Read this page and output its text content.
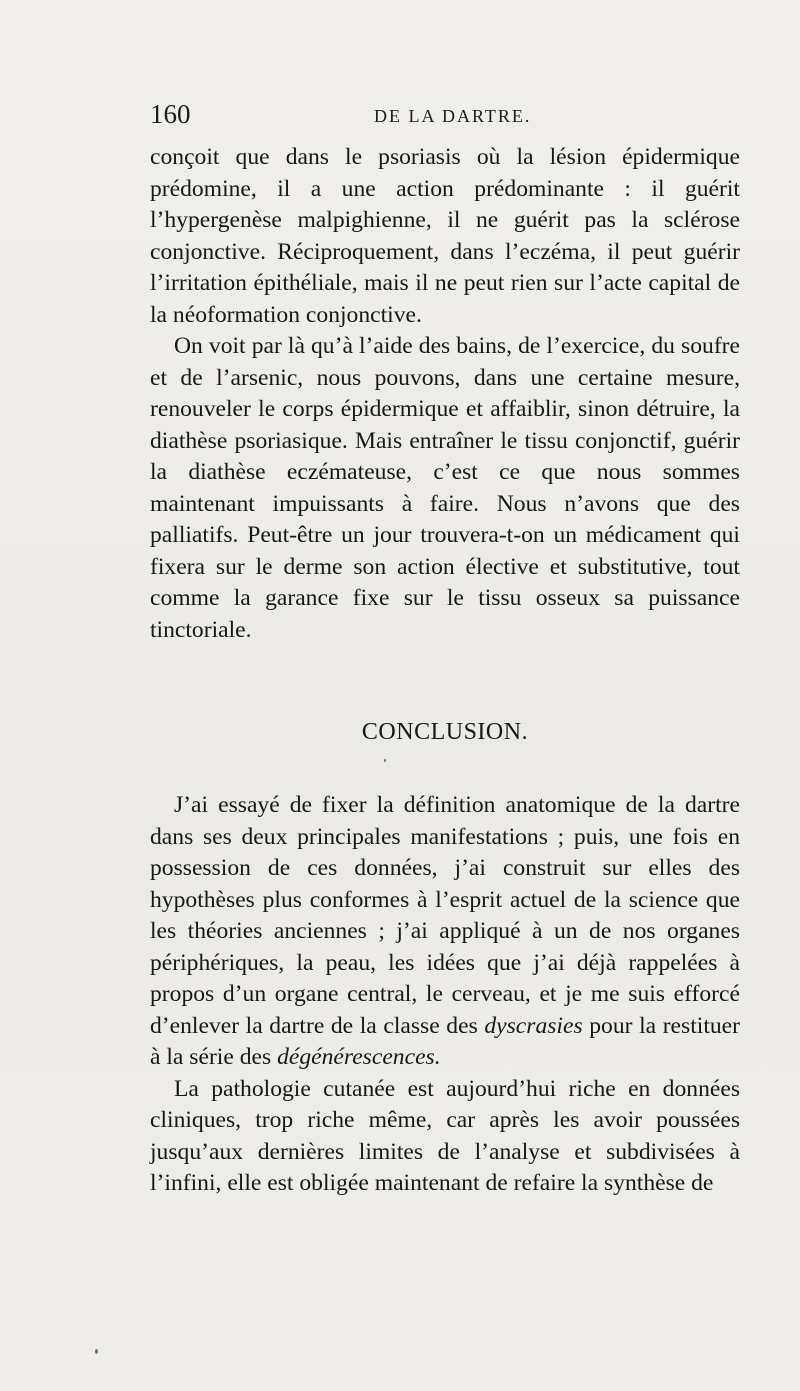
160	DE LA DARTRE.

conçoit que dans le psoriasis où la lésion épidermique prédomine, il a une action prédominante : il guérit l’hypergenèse malpighienne, il ne guérit pas la sclérose conjonctive. Réciproquement, dans l’eczéma, il peut guérir l’irritation épithéliale, mais il ne peut rien sur l’acte capital de la néoformation conjonctive.

On voit par là qu’à l’aide des bains, de l’exercice, du soufre et de l’arsenic, nous pouvons, dans une certaine mesure, renouveler le corps épidermique et affaiblir, sinon détruire, la diathèse psoriasique. Mais entraîner le tissu conjonctif, guérir la diathèse eczémateuse, c’est ce que nous sommes maintenant impuissants à faire. Nous n’avons que des palliatifs. Peut-être un jour trouvera-t-on un médicament qui fixera sur le derme son action élective et substitutive, tout comme la garance fixe sur le tissu osseux sa puissance tinctoriale.

CONCLUSION.

J’ai essayé de fixer la définition anatomique de la dartre dans ses deux principales manifestations ; puis, une fois en possession de ces données, j’ai construit sur elles des hypothèses plus conformes à l’esprit actuel de la science que les théories anciennes ; j’ai appliqué à un de nos organes périphériques, la peau, les idées que j’ai déjà rappelées à propos d’un organe central, le cerveau, et je me suis efforcé d’enlever la dartre de la classe des dyscrasies pour la restituer à la série des dégénérescences.

La pathologie cutanée est aujourd’hui riche en données cliniques, trop riche même, car après les avoir poussées jusqu’aux dernières limites de l’analyse et subdivisées à l’infini, elle est obligée maintenant de refaire la synthèse de
